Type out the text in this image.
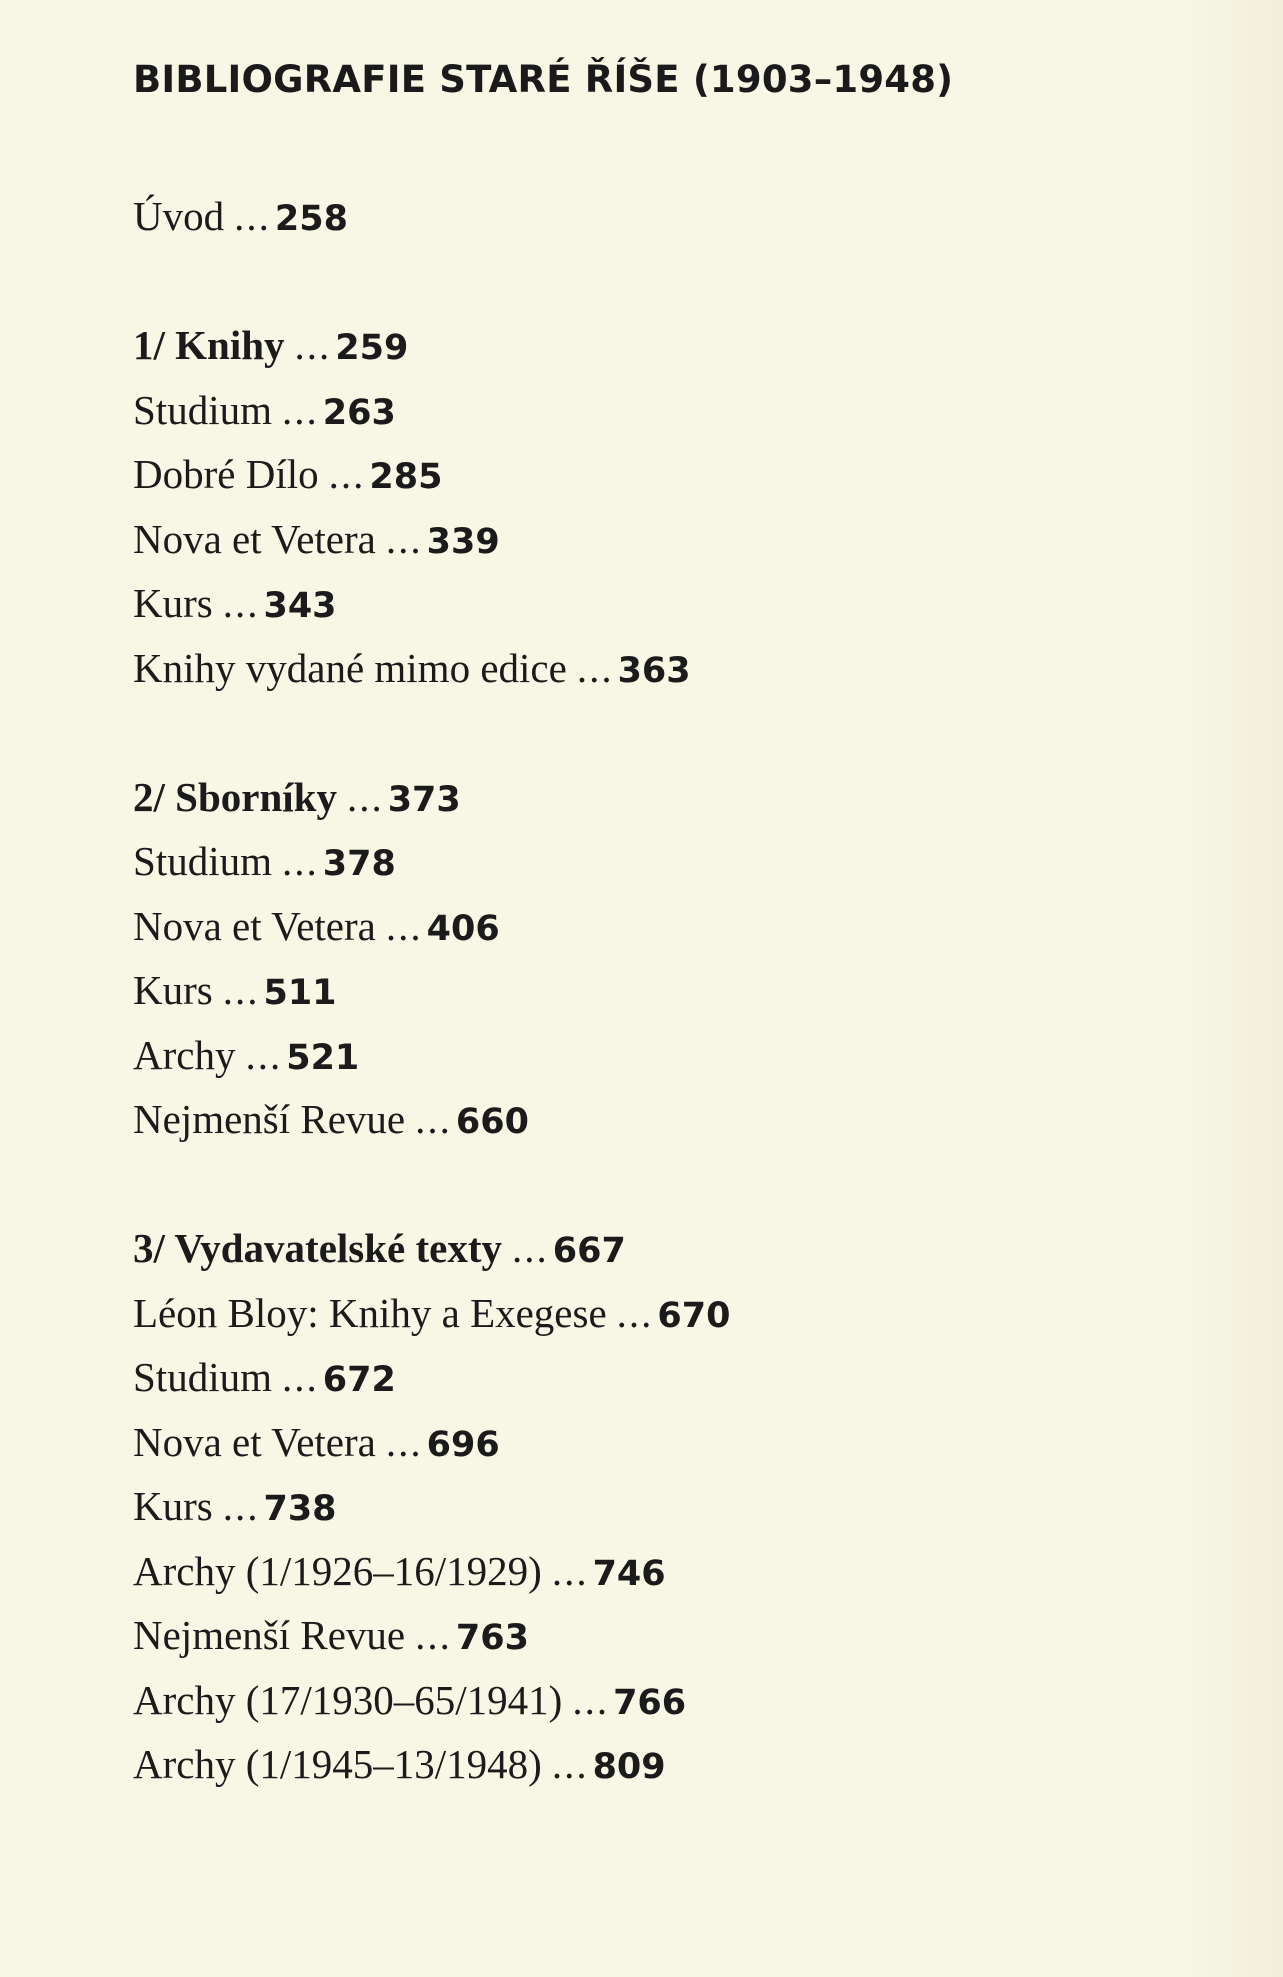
BIBLIOGRAFIE STARÉ ŘÍŠE (1903–1948)
Úvod ... 258
1/ Knihy ... 259
Studium ... 263
Dobré Dílo ... 285
Nova et Vetera ... 339
Kurs ... 343
Knihy vydané mimo edice ... 363
2/ Sborníky ... 373
Studium ... 378
Nova et Vetera ... 406
Kurs ... 511
Archy ... 521
Nejmenší Revue ... 660
3/ Vydavatelské texty ... 667
Léon Bloy: Knihy a Exegese ... 670
Studium ... 672
Nova et Vetera ... 696
Kurs ... 738
Archy (1/1926–16/1929) ... 746
Nejmenší Revue ... 763
Archy (17/1930–65/1941) ... 766
Archy (1/1945–13/1948) ... 809
